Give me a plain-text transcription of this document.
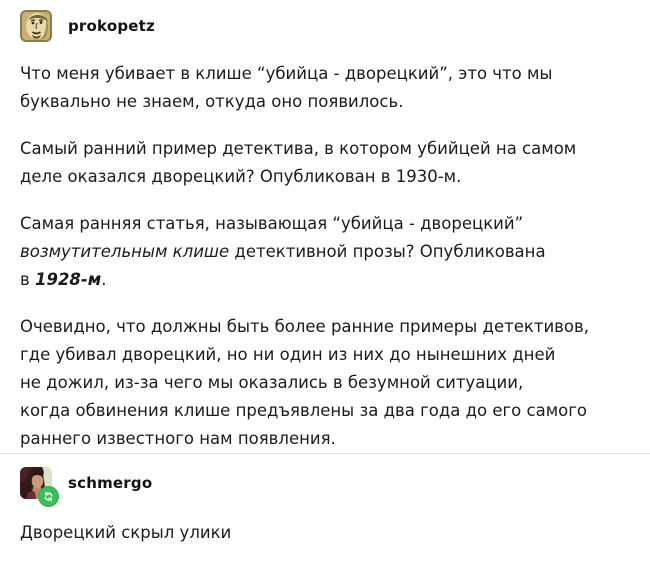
prokopetz

Что меня убивает в клише “убийца - дворецкий”, это что мы
буквально не знаем, откуда оно появилось.

Самый ранний пример детектива, в котором убийцей на самом
деле оказался дворецкий? Опубликован в 1930-м.

Самая ранняя статья, называющая “убийца - дворецкий”
возмутительным клише детективной прозы? Опубликована
в 1928-м.

Очевидно, что должны быть более ранние примеры детективов,
где убивал дворецкий, но ни один из них до нынешних дней
не дожил, из-за чего мы оказались в безумной ситуации,
когда обвинения клише предъявлены за два года до его самого
раннего известного нам появления.

schmergo

Дворецкий скрыл улики
